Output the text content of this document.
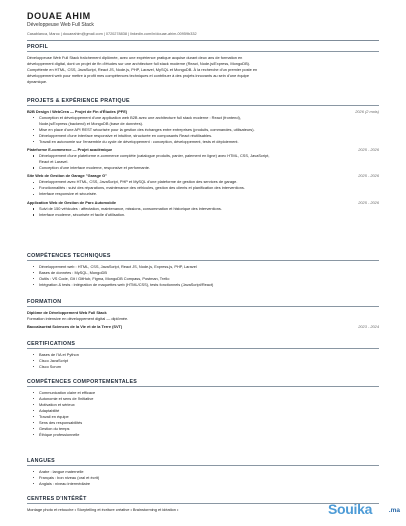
DOUAE AHIM
Développeuse Web Full Stack
Casablanca, Maroc | douaeahim@gmail.com | 0720278838 | linkedin.com/in/douae-ahim-00959b332
PROFIL
Développeuse Web Full Stack fraîchement diplômée, avec une expérience pratique acquise durant deux ans de formation en
développement digital, dont un projet de fin d'études sur une architecture full stack moderne (React, Node.js/Express, MongoDB).
Compétente en HTML, CSS, JavaScript, React JS, Node.js, PHP, Laravel, MySQL et MongoDB. À la recherche d'un premier poste en
développement web pour mettre à profit mes compétences techniques et contribuer à des projets innovants au sein d'une équipe
dynamique.
PROJETS & EXPÉRIENCE PRATIQUE
B2B Design / WebCrea — Projet de Fin d'Études (PFE)	2026 (2 mois)
Conception et développement d'une application web B2B avec une architecture full stack moderne : React (frontend),
Node.js/Express (backend) et MongoDB (base de données).
Mise en place d'une API REST sécurisée pour la gestion des échanges entre entreprises (produits, commandes, utilisateurs).
Développement d'une interface responsive et intuitive, structurée en composants React réutilisables.
Travail en autonomie sur l'ensemble du cycle de développement : conception, développement, tests et déploiement.
Plateforme E-commerce — Projet académique	2025 - 2026
Développement d'une plateforme e-commerce complète (catalogue produits, panier, paiement en ligne) avec HTML, CSS, JavaScript,
React et Laravel.
Conception d'une interface moderne, responsive et performante.
Site Web de Gestion de Garage "Garage G"	2025 - 2026
Développement avec HTML, CSS, JavaScript, PHP et MySQL d'une plateforme de gestion des services de garage.
Fonctionnalités : suivi des réparations, maintenance des véhicules, gestion des clients et planification des interventions.
Interface responsive et sécurisée.
Application Web de Gestion de Parc Automobile	2025 - 2026
Suivi de 150 véhicules : affectation, maintenance, missions, consommation et historique des interventions.
Interface moderne, sécurisée et facile d'utilisation.
COMPÉTENCES TECHNIQUES
Développement web : HTML, CSS, JavaScript, React JS, Node.js, Express.js, PHP, Laravel
Bases de données : MySQL, MongoDB
Outils : VS Code, Git / GitHub, Figma, MongoDB Compass, Postman, Trello
Intégration & tests : intégration de maquettes web (HTML/CSS), tests fonctionnels (JavaScript/React)
FORMATION
Diplôme de Développement Web Full Stack
Formation intensive en développement digital — diplômée.
Baccalauréat Sciences de la Vie et de la Terre (SVT)	2023 - 2024
CERTIFICATIONS
Bases de l'IA et Python
Cisco JavaScript
Cisco Scrum
COMPÉTENCES COMPORTEMENTALES
Communication claire et efficace
Autonomie et sens de l'initiative
Motivation et sérieux
Adaptabilité
Travail en équipe
Sens des responsabilités
Gestion du temps
Éthique professionnelle
LANGUES
Arabe : langue maternelle
Français : bon niveau (oral et écrit)
Anglais : niveau intermédiaire
CENTRES D'INTÉRÊT
Montage photo et retouche • Storytelling et écriture créative • Brainstorming et idéation •	Souika	.ma
